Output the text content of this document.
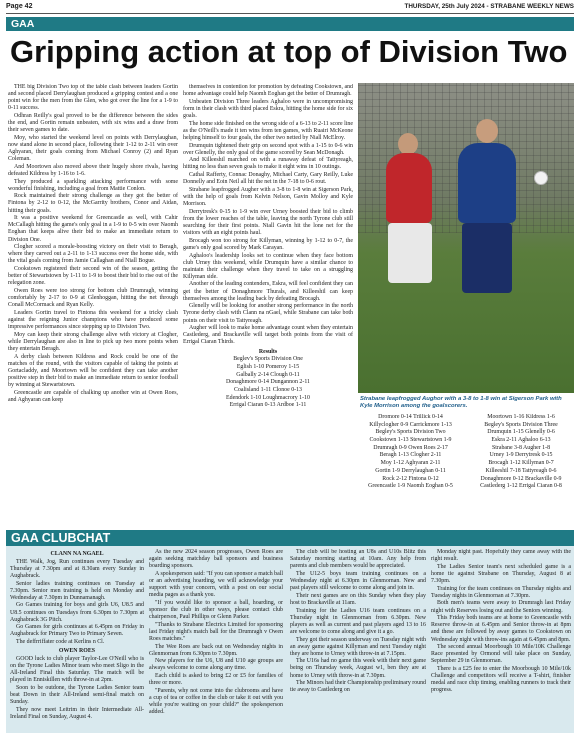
Page 42	THURSDAY, 25th July 2024 - STRABANE WEEKLY NEWS
GAA
Gripping action at top of Division Two

THE big Division Two top of the table clash between leaders Gortin and second placed Derrylaughan produced a gripping contest and a one point win for the men from the Glen, who got over the line for a 1-9 to 0-11 success.

Odhran Reilly's goal proved to be the difference between the sides the end, and Gortin remain unbeaten, with six wins and a draw from their seven games to date.

Moy, who started the weekend level on points with Derrylaughan, now stand alone in second place, following their 1-12 to 2-11 win over Aghyaran, their goals coming from Michael Conroy (2) and Ryan Coleman.

And Moortown also moved above their hugely shore rivals, having defeated Kildress by 1-16 to 1-6.

They produced a sparkling attacking performance with some wonderful finishing, including a goal from Mattie Conlon.

Rock maintained their strong challenge as they got the better of Fintona by 2-12 to 0-12, the McGarrity brothers, Conor and Aidan, hitting their goals.

It was a positive weekend for Greencastle as well, with Cahir McCallagh hitting the game's only goal in a 1-9 to 0-5 win over Naomh Eoghan that keeps alive their bid to make an immediate return to Division One.

Clogher scored a morale-boosting victory on their visit to Beragh, where they carved out a 2-11 to 1-13 success over the home side, with the vital goals coming from Jamie Callaghan and Niall Bogue.

Cookstown registered their second win of the season, getting the better of Stewartstown by 1-11 to 1-9 to boost their bid to rise out of the relegation zone.

Owen Roes were too strong for bottom club Drumragh, winning comfortably by 2-17 to 0-9 at Glenhoggan, hitting the net through Conall McCormack and Ryan Kelly.

Leaders Gortin travel to Fintona this weekend for a tricky clash against the reigning Junior champions who have produced some impressive performances since stepping up to Division Two.

Moy can keep their strong challenge alive with victory at Clogher, while Derrylaughan are also in line to pick up two more points when they entertain Beragh.

A derby clash between Kildress and Rock could be one of the matches of the round, with the visitors capable of taking the points at Gortacladdy, and Moortown will be confident they can take another positive step in their bid to make an immediate return to senior football by winning at Stewartstown.

Greencastle are capable of chalking up another win at Owen Roes, and Aghyaran can keep

themselves in contention for promotion by defeating Cookstown, and home advantage could help Naomh Eoghan get the better of Drumragh.

Unbeaten Division Three leaders Aghaloo were in uncompromising form in their clash with third placed Eskra, hitting the home side for six goals.

The home side finished on the wrong side of a 6-13 to 2-11 score line as the O'Neill's made it ten wins from ten games, with Ruairi McKeone helping himself to four goals, the other two netted by Niall McElroy.

Drumquin tightened their grip on second spot with a 1-15 to 0-6 win over Glenelly, the only goal of the game scored by Sean McDonagh.

And Killeeshil marched on with a runaway defeat of Tattyreagh, hitting no less than seven goals to make it eight wins in 10 outings.

Cathal Rafferty, Connac Donaghy, Michael Carty, Gary Reilly, Luke Donnelly and Eoin Neil all hit the net in the 7-18 to 0-6 rout.

Strabane leapfrogged Augher with a 3-8 to 1-8 win at Sigerson Park, with the help of goals from Kelvin Nelson, Gavin Molloy and Kyle Morrison.

Derrytresk's 0-15 to 1-9 win over Urney boosted their bid to climb from the lower reaches of the table, leaving the north Tyrone club still searching for their first points. Niall Gavin hit the lone net for the visitors with an eight points haul.

Brocagh won too strong for Killyman, winning by 1-12 to 0-7, the game's only goal scored by Mark Carayan.

Aghaloo's leadership looks set to continue when they face bottom club Urney this weekend, while Drumquin have a similar chance to maintain their challenge when they travel to take on a struggling Killyman side.

Another of the leading contenders, Eskra, will feel confident they can get the better of Donaghmore Thurals, and Killeeshil can keep themselves among the leading back by defeating Brocagh.

Glenelly will be looking for another strong performance in the north Tyrone derby clash with Clann na nGael, while Strabane can take both points on their visit to Tattyreagh.

Augher will look to make home advantage count when they entertain Castlederg, and Brackaville will target both points from the visit of Errigal Ciaran Thirds.

Results

Beglev's Sports Division One

Eglish 1-10 Pomeroy 1-15

Galbally 2-14 Clough 0-11

Donaghmore 0-14 Dungannon 2-11

Coalisland 1-11 Clonoe 0-13

Edendork 1-10 Loughmacrory 1-10

Errigal Ciaran 0-13 Ardboe 1-11

Strabane leapfrogged Aughor with a 3-8 to 1-8 win at Sigerson Park with Kyle Morrison among the goalscorers.

Dromore 0-14 Trillick 0-14

Killyclogher 0-9 Carrickmore 1-13

Begley's Sports Division Two

Cookstown 1-13 Stewartstown 1-9

Drumragh 0-9 Owen Roes 2-17

Beragh 1-13 Clogher 2-11

Moy 1-12 Aghyaran 2-11

Gortin 1-9 Derrylaughan 0-11

Rock 2-12 Fintona 0-12

Greencastle 1-9 Naomh Eoghan 0-5

Moortown 1-16 Kildress 1-6

Begley's Sports Division Three

Drumquin 1-15 Glenelly 0-6

Eskra 2-11 Aghaloo 6-13

Strabane 3-8 Augher 1-8

Urney 1-9 Derrytresk 0-15

Brocagh 1-12 Killyman 0-7

Killeeshil 7-18 Tattyreagh 0-6

Donaghmore 0-12 Brackaville 0-9

Castlederg 1-12 Errigal Ciaran 0-8

GAA CLUBCHAT

CLANN NA NGAEL

THE Walk, Jog, Run continues every Tuesday and Thursday at 7.30pm and at 8.30am every Sunday in Aughabrack.

Senior ladies training continues on Tuesday at 7.30pm. Senior men training is held on Monday and Wednesday at 7.30pm in Dunnamanagh.

Go Games training for boys and girls U6, U8.5 and U8.5 continues on Tuesdays from 6.30pm to 7.30pm at Aughabrack 3G Pitch.

Go Games for girls continues at 6.45pm on Friday in Aughabrack for Primary Two to Primary Seven.

The deffrriffater code at Kerlins n Cl.

OWEN ROES

GOOD luck to club player Taylor-Lee O'Neill who is on the Tyrone Ladies Minor team who meet Sligo in the All-Ireland Final this Saturday. The match will be played in Enniskillen with throw-in at 2pm.

Soon to be outdone, the Tyrone Ladies Senior team beat Down in their All-Ireland semi-final match on Sunday.

They now meet Leitrim in their Intermediate All-Ireland Final on Sunday, August 4.

As the new 2024 season progresses, Owen Roes are again seeking matchday ball sponsors and business boarding sponsors.

A spokesperson said: "If you can sponsor a match ball or an advertising hoarding, we will acknowledge your support with your concern, with a post on our social media pages as a thank you.

"If you would like to sponsor a ball, hoarding, or sponsor the club in other ways, please contact club chairperson, Paul Phillips or Glenn Parker.

"Thanks to Strabane Electrics Limited for sponsoring last Friday night's match ball for the Drumragh v Owen Roes matches."

The Wee Roes are back out on Wednesday nights in Glenmornan from 6.30pm to 7.30pm.

New players for the U6, U8 and U10 age groups are always welcome to come along any time.

Each child is asked to bring £2 or £5 for families of three or more.

"Parents, why not come into the clubrooms and have a cup of tea or coffee in the club or take it out with you while you're waiting on your child?" the spokesperson added.

The club will be hosting an U8s and U10s Blitz this Saturday morning starting at 10am. Any help from parents and club members would be appreciated.

The U12-5 boys team training continues on a Wednesday night at 6.30pm in Glenmornan. New and past players still welcome to come along and join in.

Their next games are on this Sunday when they play host to Brackaville at 11am.

Training for the Ladies U16 team continues on a Thursday night in Glenmornan from 6.30pm. New players as well as current and past players aged 13 to 16 are welcome to come along and give it a go.

They got their season underway on Tuesday night with an away game against Killyman and next Tuesday night they are home to Urney with throw-in at 7.15pm.

The U16s had no game this week with their next game being on Thursday week, August w1, ben they are at home to Urney with throw-in at 7.30pm.

The Minors had their Championship preliminary round tie away to Castlederg on

Monday night past. Hopefully they came away with the right result.

The Ladies Senior team's next scheduled game is a home tie against Strabane on Thursday, August 8 at 7.30pm.

Training for the team continues on Thursday nights and Tuesday nights in Glenmornan at 7.30pm.

Both men's teams were away to Drumragh last Friday night with Reserves losing out and the Seniors winning.

This Friday both teams are at home to Greencastle with Reserve throw-in at 6.45pm and Senior throw-in at 8pm and these are followed by away games to Cookstown on Wednesday night with throw-ins again at 6.45pm and 8pm.

The second annual Moorbough 10 Mile/10K Challenge Race presented by Ormond will take place on Sunday, September 29 in Glenmornan.

There is a £25 fee to enter the Moorbough 10 Mile/10k Challenge and competitors will receive a T-shirt, finisher medal and race chip timing, enabling runners to track their progress.
